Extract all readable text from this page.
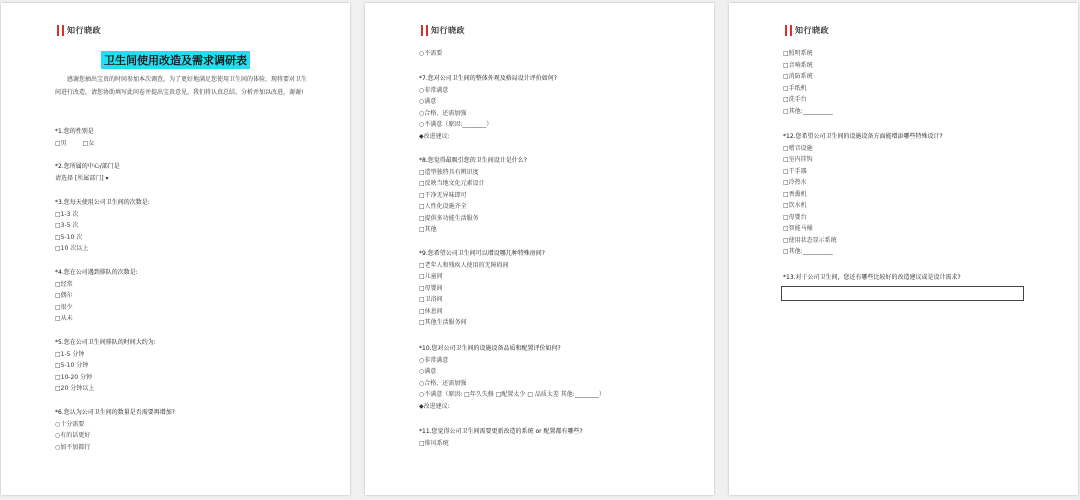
知行晓政
卫生间使用改造及需求调研表
感谢您抽出宝贵的时间参加本次调查，为了更好地满足您使用卫生间的体验，现将要对卫生间进行改造，请您协助填写此问卷并提出宝贵意见，我们将认真总结、分析并加以改进，谢谢!
*1.您的性别是
□男	□女
*2.您所属的中心/部门是
请选择 [所属部门] ▾
*3.您每天使用公司卫生间的次数是:
□1-3 次
□3-5 次
□5-10 次
□10 次以上
*4.您在公司遇到排队的次数是:
□经常
□偶尔
□很少
□从未
*5.您在公司卫生间排队的时间大约为:
□1-5 分钟
□5-10 分钟
□10-20 分钟
□20 分钟以上
*6.您认为公司卫生间的数量是否需要再增加?
○十分需要
○有的话更好
○加不加都行
知行晓政
○不需要
*7.您对公司卫生间的整体外观及格局设计评价如何?
○非常满意
○满意
○合格、还需加强
○不满意（原因:________）
◆改进建议:
*8.您觉得最吸引您的卫生间设计是什么?
□造型独特具有辨识度
□反映当地文化元素设计
□干净无异味即可
□人性化设施齐全
□提供多功能生活服务
□其他
*9.您希望公司卫生间可以增设哪几种特殊房间?
□老年人和残疾人使用的无障碍间
□儿童间
□母婴间
□卫浴间
□休息间
□其他生活服务间
*10.您对公司卫生间的设施设备品质和配置评价如何?
○非常满意
○满意
○合格、还需加强
○不满意（原因: □年久失修 □配置太少 □ 品质太差 其他:________）
◆改进建议:
*11.您觉得公司卫生间需要更新改造的系统 or 配置都有哪些?
□排风系统
知行晓政
□照明系统
□音响系统
□消防系统
□手纸机
□洗手台
□其他:__________
*12.您希望公司卫生间的设施设备方面能增添哪些特殊设计?
□嗜音设施
□室内挂钩
□干手器
□冷热水
□香熏机
□饮水机
□母婴台
□智能马桶
□使用状态显示系统
□其他:__________
*13.对于公司卫生间，您还有哪些比较好的改造建议或是设计需求?
